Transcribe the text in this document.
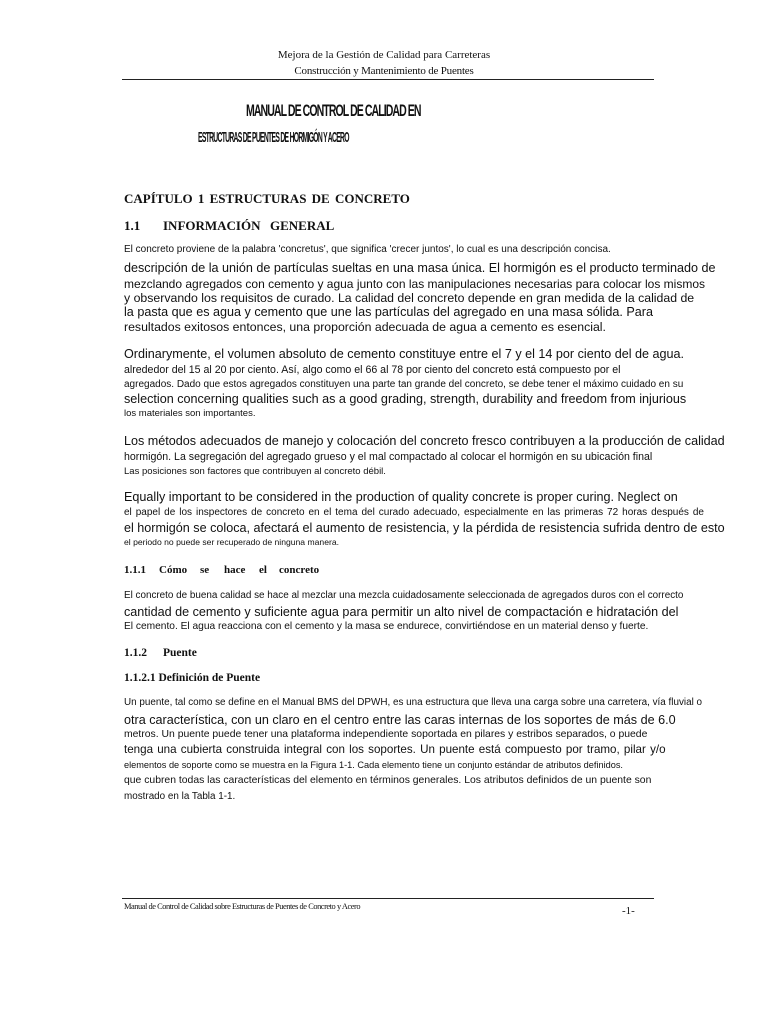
Mejora de la Gestión de Calidad para Carreteras
Construcción y Mantenimiento de Puentes
MANUAL DE CONTROL DE CALIDAD EN
ESTRUCTURAS DE PUENTES DE HORMIGÓN Y ACERO
CAPÍTULO 1 ESTRUCTURAS DE CONCRETO
1.1 INFORMACIÓN GENERAL
El concreto proviene de la palabra 'concretus', que significa 'crecer juntos', lo cual es una descripción concisa.
descripción de la unión de partículas sueltas en una masa única. El hormigón es el producto terminado de
mezclando agregados con cemento y agua junto con las manipulaciones necesarias para colocar los mismos
y observando los requisitos de curado. La calidad del concreto depende en gran medida de la calidad de
la pasta que es agua y cemento que une las partículas del agregado en una masa sólida. Para
resultados exitosos entonces, una proporción adecuada de agua a cemento es esencial.
Ordinarymente, el volumen absoluto de cemento constituye entre el 7 y el 14 por ciento del de agua.
alrededor del 15 al 20 por ciento. Así, algo como el 66 al 78 por ciento del concreto está compuesto por el
agregados. Dado que estos agregados constituyen una parte tan grande del concreto, se debe tener el máximo cuidado en su
selection concerning qualities such as a good grading, strength, durability and freedom from injurious
los materiales son importantes.
Los métodos adecuados de manejo y colocación del concreto fresco contribuyen a la producción de calidad
hormigón. La segregación del agregado grueso y el mal compactado al colocar el hormigón en su ubicación final
Las posiciones son factores que contribuyen al concreto débil.
Equally important to be considered in the production of quality concrete is proper curing. Neglect on
el papel de los inspectores de concreto en el tema del curado adecuado, especialmente en las primeras 72 horas después de
el hormigón se coloca, afectará el aumento de resistencia, y la pérdida de resistencia sufrida dentro de esto
el periodo no puede ser recuperado de ninguna manera.
1.1.1 Cómo se hace el concreto
El concreto de buena calidad se hace al mezclar una mezcla cuidadosamente seleccionada de agregados duros con el correcto
cantidad de cemento y suficiente agua para permitir un alto nivel de compactación e hidratación del
El cemento. El agua reacciona con el cemento y la masa se endurece, convirtiéndose en un material denso y fuerte.
1.1.2 Puente
1.1.2.1 Definición de Puente
Un puente, tal como se define en el Manual BMS del DPWH, es una estructura que lleva una carga sobre una carretera, vía fluvial o
otra característica, con un claro en el centro entre las caras internas de los soportes de más de 6.0
metros. Un puente puede tener una plataforma independiente soportada en pilares y estribos separados, o puede
tenga una cubierta construida integral con los soportes. Un puente está compuesto por tramo, pilar y/o
elementos de soporte como se muestra en la Figura 1-1. Cada elemento tiene un conjunto estándar de atributos definidos.
que cubren todas las características del elemento en términos generales. Los atributos definidos de un puente son
mostrado en la Tabla 1-1.
Manual de Control de Calidad sobre Estructuras de Puentes de Concreto y Acero	-1-
